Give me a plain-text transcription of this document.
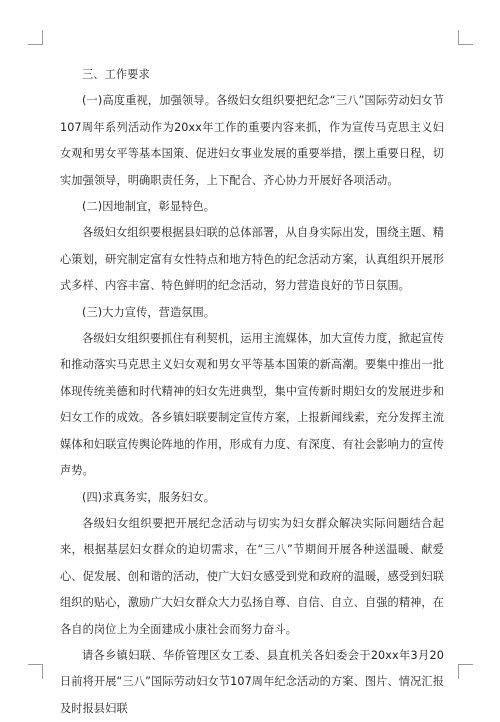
三、工作要求

(一)高度重视，加强领导。各级妇女组织要把纪念“三八”国际劳动妇女节107周年系列活动作为20xx年工作的重要内容来抓，作为宣传马克思主义妇女观和男女平等基本国策、促进妇女事业发展的重要举措，摆上重要日程，切实加强领导，明确职责任务，上下配合、齐心协力开展好各项活动。

(二)因地制宜，彰显特色。

各级妇女组织要根据县妇联的总体部署，从自身实际出发，围绕主题、精心策划，研究制定富有女性特点和地方特色的纪念活动方案，认真组织开展形式多样、内容丰富、特色鲜明的纪念活动，努力营造良好的节日氛围。

(三)大力宣传，营造氛围。

各级妇女组织要抓住有利契机，运用主流媒体，加大宣传力度，掀起宣传和推动落实马克思主义妇女观和男女平等基本国策的新高潮。要集中推出一批体现传统美德和时代精神的妇女先进典型，集中宣传新时期妇女的发展进步和妇女工作的成效。各乡镇妇联要制定宣传方案，上报新闻线索，充分发挥主流媒体和妇联宣传舆论阵地的作用，形成有力度、有深度、有社会影响力的宣传声势。

(四)求真务实，服务妇女。

各级妇女组织要把开展纪念活动与切实为妇女群众解决实际问题结合起来，根据基层妇女群众的迫切需求，在“三八”节期间开展各种送温暖、献爱心、促发展、创和谐的活动，使广大妇女感受到党和政府的温暖，感受到妇联组织的贴心，激励广大妇女群众大力弘扬自尊、自信、自立、自强的精神，在各自的岗位上为全面建成小康社会而努力奋斗。

请各乡镇妇联、华侨管理区女工委、县直机关各妇委会于20xx年3月20日前将开展“三八”国际劳动妇女节107周年纪念活动的方案、图片、情况汇报及时报县妇联
